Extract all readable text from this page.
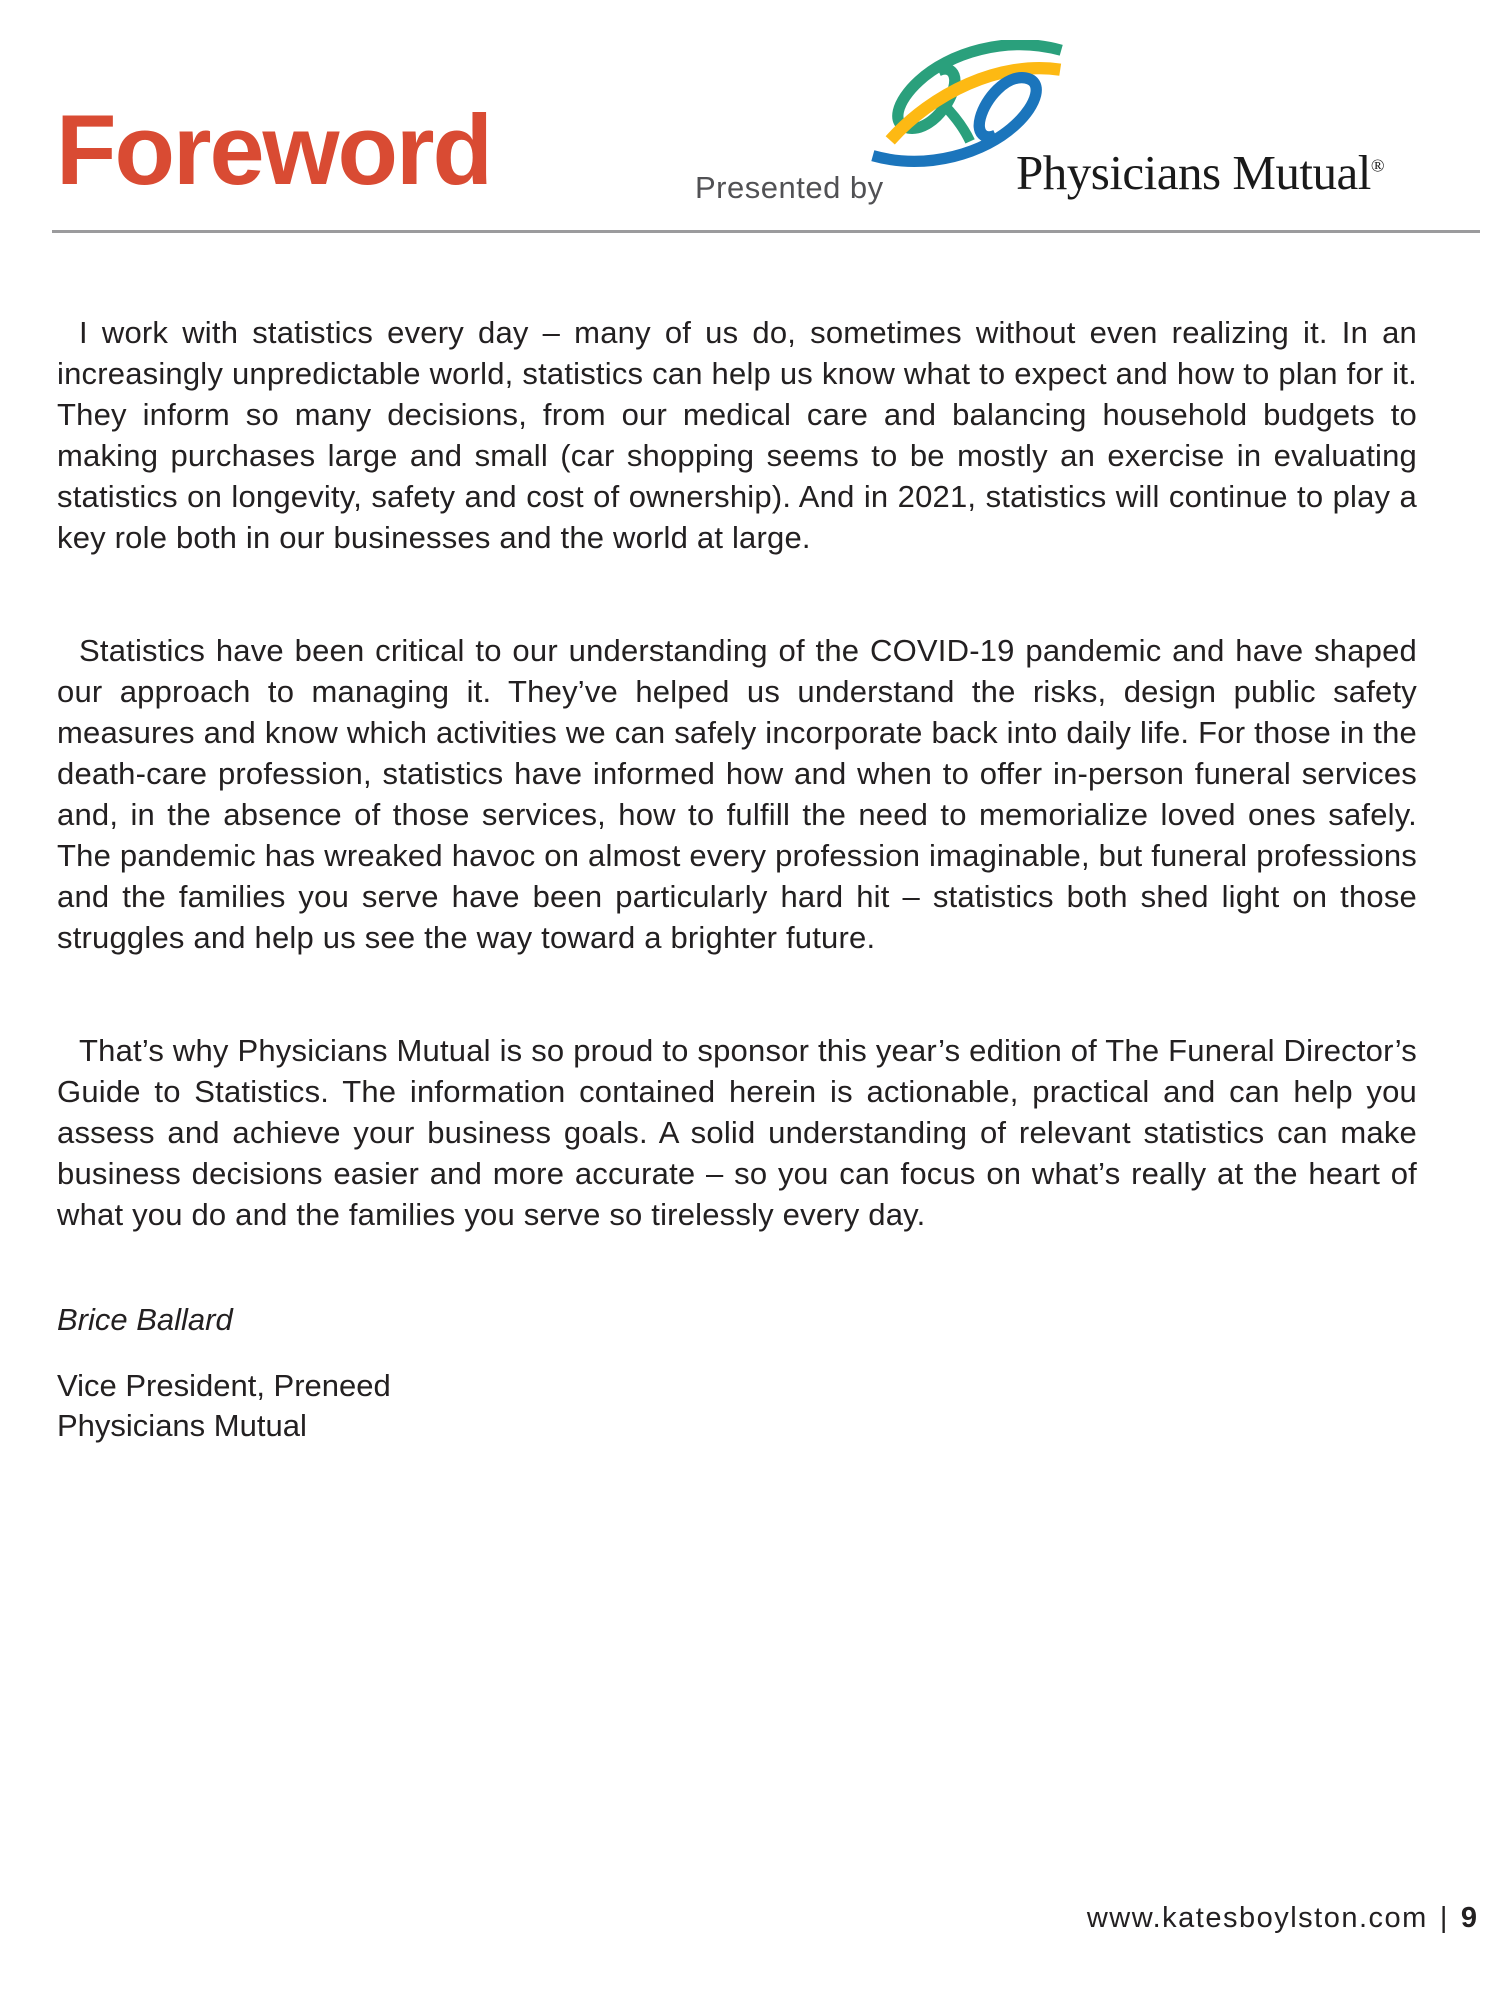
Foreword	Presented by	Physicians Mutual®

I work with statistics every day – many of us do, sometimes without even realizing it. In an increasingly unpredictable world, statistics can help us know what to expect and how to plan for it. They inform so many decisions, from our medical care and balancing household budgets to making purchases large and small (car shopping seems to be mostly an exercise in evaluating statistics on longevity, safety and cost of ownership). And in 2021, statistics will continue to play a key role both in our businesses and the world at large.

Statistics have been critical to our understanding of the COVID-19 pandemic and have shaped our approach to managing it. They’ve helped us understand the risks, design public safety measures and know which activities we can safely incorporate back into daily life. For those in the death-care profession, statistics have informed how and when to offer in-person funeral services and, in the absence of those services, how to fulfill the need to memorialize loved ones safely. The pandemic has wreaked havoc on almost every profession imaginable, but funeral professions and the families you serve have been particularly hard hit – statistics both shed light on those struggles and help us see the way toward a brighter future.

That’s why Physicians Mutual is so proud to sponsor this year’s edition of The Funeral Director’s Guide to Statistics. The information contained herein is actionable, practical and can help you assess and achieve your business goals. A solid understanding of relevant statistics can make business decisions easier and more accurate – so you can focus on what’s really at the heart of what you do and the families you serve so tirelessly every day.

Brice Ballard

Vice President, Preneed

Physicians Mutual

www.katesboylston.com | 9
